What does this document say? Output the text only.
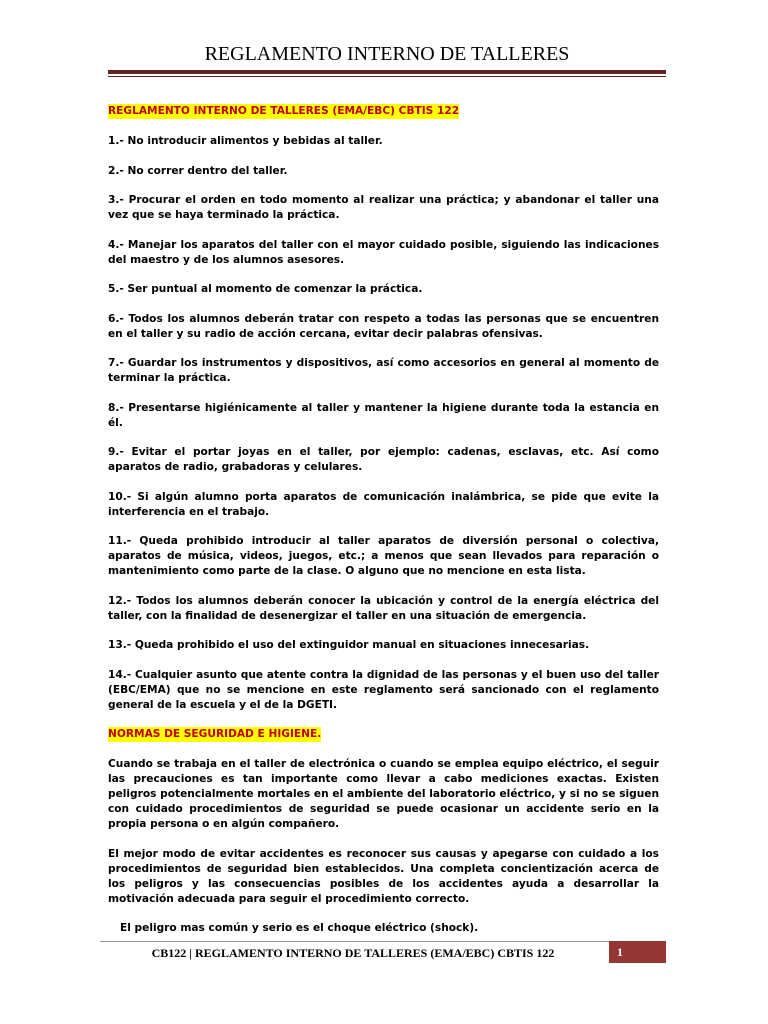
REGLAMENTO INTERNO DE TALLERES
REGLAMENTO INTERNO DE TALLERES (EMA/EBC) CBTIS 122

1.- No introducir alimentos y bebidas al taller.

2.- No correr dentro del taller.

3.- Procurar el orden en todo momento al realizar una práctica; y abandonar el taller una vez que se haya terminado la práctica.

4.- Manejar los aparatos del taller con el mayor cuidado posible, siguiendo las indicaciones del maestro y de los alumnos asesores.

5.- Ser puntual al momento de comenzar la práctica.

6.- Todos los alumnos deberán tratar con respeto a todas las personas que se encuentren en el taller y su radio de acción cercana, evitar decir palabras ofensivas.

7.- Guardar los instrumentos y dispositivos, así como accesorios en general al momento de terminar la práctica.

8.- Presentarse higiénicamente al taller y mantener la higiene durante toda la estancia en él.

9.- Evitar el portar joyas en el taller, por ejemplo: cadenas, esclavas, etc. Así como aparatos de radio, grabadoras y celulares.

10.- Si algún alumno porta aparatos de comunicación inalámbrica, se pide que evite la interferencia en el trabajo.

11.- Queda prohibido introducir al taller aparatos de diversión personal o colectiva, aparatos de música, videos, juegos, etc.; a menos que sean llevados para reparación o mantenimiento como parte de la clase. O alguno que no mencione en esta lista.

12.- Todos los alumnos deberán conocer la ubicación y control de la energía eléctrica del taller, con la finalidad de desenergizar el taller en una situación de emergencia.

13.- Queda prohibido el uso del extinguidor manual en situaciones innecesarias.

14.- Cualquier asunto que atente contra la dignidad de las personas y el buen uso del taller (EBC/EMA) que no se mencione en este reglamento será sancionado con el reglamento general de la escuela y el de la DGETI.

NORMAS DE SEGURIDAD E HIGIENE.

Cuando se trabaja en el taller de electrónica o cuando se emplea equipo eléctrico, el seguir las precauciones es tan importante como llevar a cabo mediciones exactas. Existen peligros potencialmente mortales en el ambiente del laboratorio eléctrico, y si no se siguen con cuidado procedimientos de seguridad se puede ocasionar un accidente serio en la propia persona o en algún compañero.

El mejor modo de evitar accidentes es reconocer sus causas y apegarse con cuidado a los procedimientos de seguridad bien establecidos. Una completa concientización acerca de los peligros y las consecuencias posibles de los accidentes ayuda a desarrollar la motivación adecuada para seguir el procedimiento correcto.

El peligro mas común y serio es el choque eléctrico (shock).

CB122 | REGLAMENTO INTERNO DE TALLERES (EMA/EBC) CBTIS 122	1
